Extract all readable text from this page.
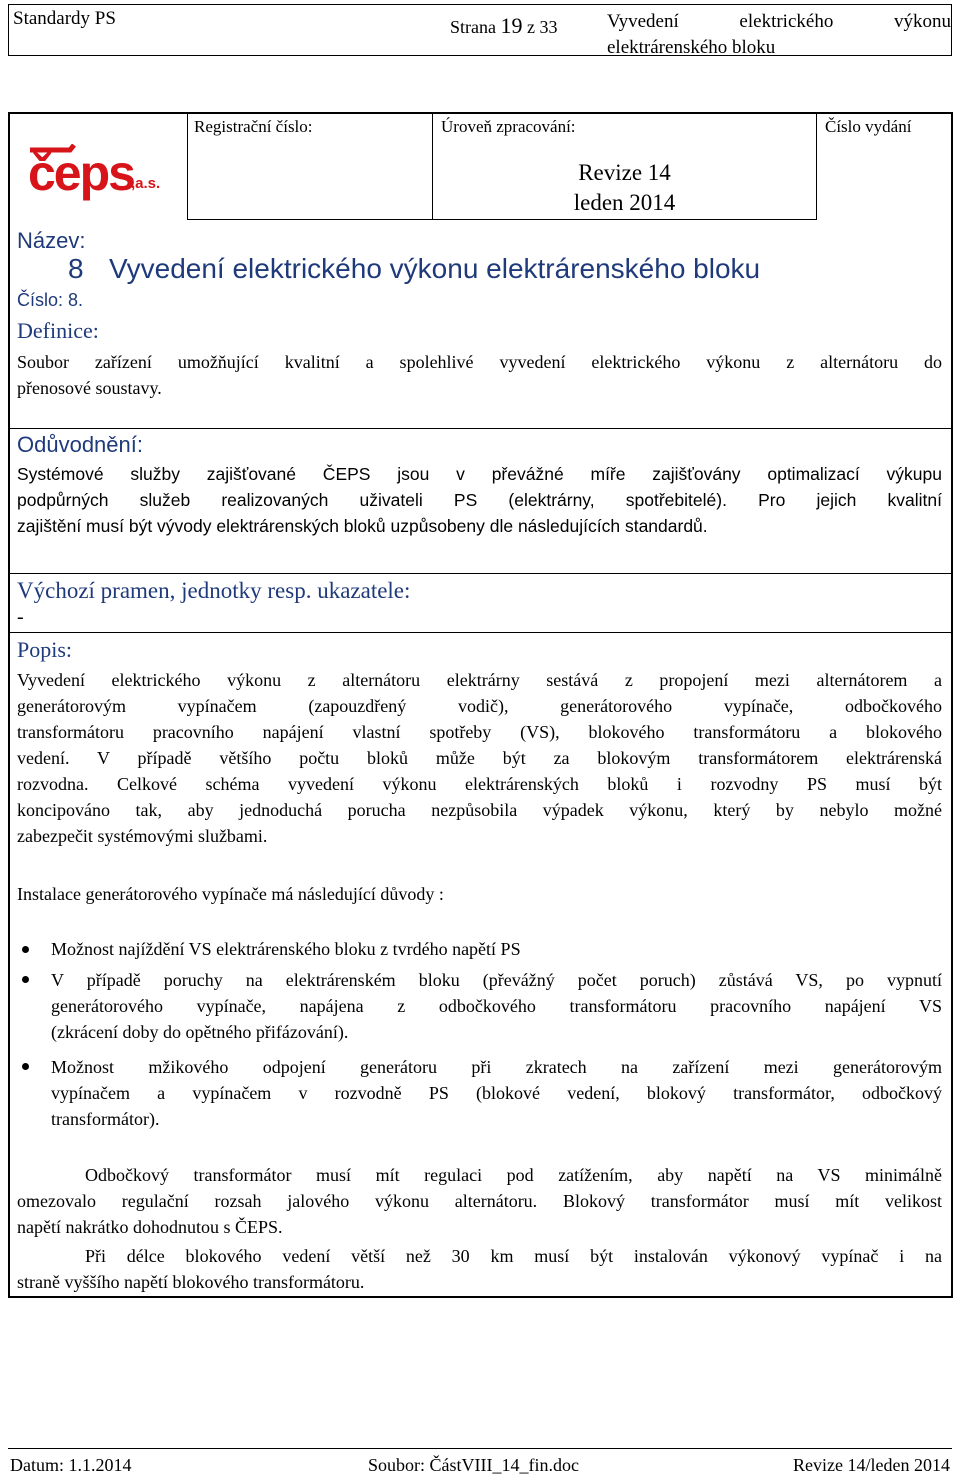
Standardy PS	Strana 19 z 33	Vyvedení elektrického výkonu
elektrárenského bloku
čeps
,a.s.
Registrační číslo:	Úroveň zpracování:	Číslo vydání
Revize 14
leden 2014
Název:
8 Vyvedení elektrického výkonu elektrárenského bloku
Číslo: 8.
Definice:
Soubor zařízení umožňující kvalitní a spolehlivé vyvedení elektrického výkonu z alternátoru do
přenosové soustavy.
Odůvodnění:
Systémové služby zajišťované ČEPS jsou v převážné míře zajišťovány optimalizací výkupu
podpůrných služeb realizovaných uživateli PS (elektrárny, spotřebitelé). Pro jejich kvalitní
zajištění musí být vývody elektrárenských bloků uzpůsobeny dle následujících standardů.
Výchozí pramen, jednotky resp. ukazatele:
-
Popis:
Vyvedení elektrického výkonu z alternátoru elektrárny sestává z propojení mezi alternátorem a
generátorovým vypínačem (zapouzdřený vodič), generátorového vypínače, odbočkového
transformátoru pracovního napájení vlastní spotřeby (VS), blokového transformátoru a blokového
vedení. V případě většího počtu bloků může být za blokovým transformátorem elektrárenská
rozvodna. Celkové schéma vyvedení výkonu elektrárenských bloků i rozvodny PS musí být
koncipováno tak, aby jednoduchá porucha nezpůsobila výpadek výkonu, který by nebylo možné
zabezpečit systémovými službami.
Instalace generátorového vypínače má následující důvody :
Možnost najíždění VS elektrárenského bloku z tvrdého napětí PS
V případě poruchy na elektrárenském bloku (převážný počet poruch) zůstává VS, po vypnutí
generátorového vypínače, napájena z odbočkového transformátoru pracovního napájení VS
(zkrácení doby do opětného přifázování).
Možnost mžikového odpojení generátoru při zkratech na zařízení mezi generátorovým
vypínačem a vypínačem v rozvodně PS (blokové vedení, blokový transformátor, odbočkový
transformátor).
Odbočkový transformátor musí mít regulaci pod zatížením, aby napětí na VS minimálně
omezovalo regulační rozsah jalového výkonu alternátoru. Blokový transformátor musí mít velikost
napětí nakrátko dohodnutou s ČEPS.
Při délce blokového vedení větší než 30 km musí být instalován výkonový vypínač i na
straně vyššího napětí blokového transformátoru.
Datum: 1.1.2014	Soubor: ČástVIII_14_fin.doc	Revize 14/leden 2014
